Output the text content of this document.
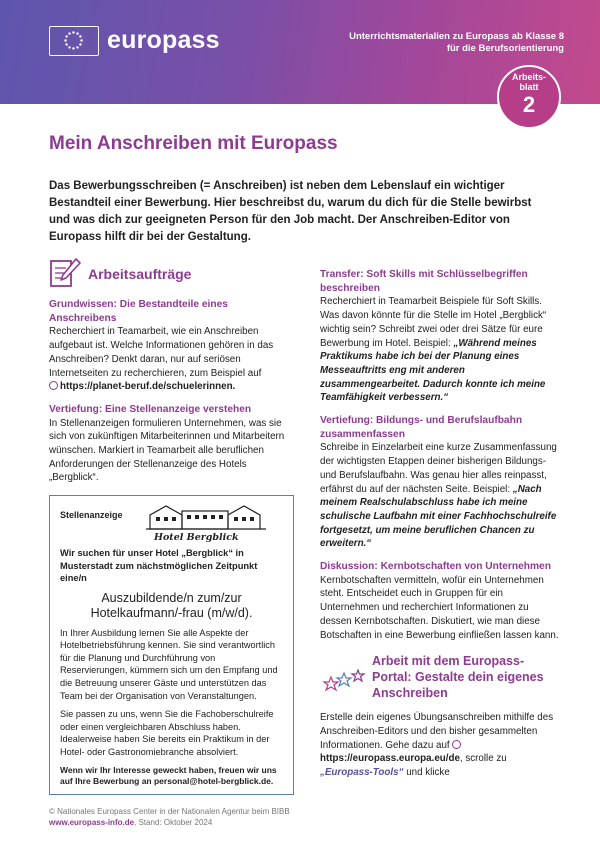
europass	Unterrichtsmaterialien zu Europass ab Klasse 8
für die Berufsorientierung
Arbeits-
blatt
2
Mein Anschreiben mit Europass

Das Bewerbungsschreiben (= Anschreiben) ist neben dem Lebenslauf ein wichtiger Bestandteil einer Bewerbung. Hier beschreibst du, warum du dich für die Stelle bewirbst und was dich zur geeigneten Person für den Job macht. Der Anschreiben-Editor von Europass hilft dir bei der Gestaltung.

Arbeitsaufträge
Grundwissen: Die Bestandteile eines Anschreibens
Recherchiert in Teamarbeit, wie ein Anschreiben aufgebaut ist. Welche Informationen gehören in das Anschreiben? Denkt daran, nur auf seriösen Internetseiten zu recherchieren, zum Beispiel auf
https://planet-beruf.de/schuelerinnen.
Vertiefung: Eine Stellenanzeige verstehen
In Stellenanzeigen formulieren Unternehmen, was sie sich von zukünftigen Mitarbeiterinnen und Mitarbeitern wünschen. Markiert in Teamarbeit alle beruflichen Anforderungen der Stellenanzeige des Hotels „Bergblick“.
Stellenanzeige
Hotel Bergblick

Wir suchen für unser Hotel „Bergblick“ in Musterstadt zum nächstmöglichen Zeitpunkt eine/n

Auszubildende/n zum/zur Hotelkaufmann/-frau (m/w/d).

In Ihrer Ausbildung lernen Sie alle Aspekte der Hotelbetriebsführung kennen. Sie sind verantwortlich für die Planung und Durchführung von Reservierungen, kümmern sich um den Empfang und die Betreuung unserer Gäste und unterstützen das Team bei der Organisation von Veranstaltungen.

Sie passen zu uns, wenn Sie die Fachoberschulreife oder einen vergleichbaren Abschluss haben. Idealerweise haben Sie bereits ein Praktikum in der Hotel- oder Gastronomiebranche absolviert.

Wenn wir Ihr Interesse geweckt haben, freuen wir uns auf Ihre Bewerbung an personal@hotel-bergblick.de.

Transfer: Soft Skills mit Schlüsselbegriffen beschreiben
Recherchiert in Teamarbeit Beispiele für Soft Skills. Was davon könnte für die Stelle im Hotel „Bergblick“ wichtig sein? Schreibt zwei oder drei Sätze für eure Bewerbung im Hotel. Beispiel: „Während meines Praktikums habe ich bei der Planung eines Messeauftritts eng mit anderen zusammengearbeitet. Dadurch konnte ich meine Teamfähigkeit verbessern.“
Vertiefung: Bildungs- und Berufslaufbahn zusammenfassen
Schreibe in Einzelarbeit eine kurze Zusammenfassung der wichtigsten Etappen deiner bisherigen Bildungs- und Berufslaufbahn. Was genau hier alles reinpasst, erfährst du auf der nächsten Seite. Beispiel: „Nach meinem Realschulabschluss habe ich meine schulische Laufbahn mit einer Fachhochschulreife fortgesetzt, um meine beruflichen Chancen zu erweitern.“
Diskussion: Kernbotschaften von Unternehmen
Kernbotschaften vermitteln, wofür ein Unternehmen steht. Entscheidet euch in Gruppen für ein Unternehmen und recherchiert Informationen zu dessen Kernbotschaften. Diskutiert, wie man diese Botschaften in eine Bewerbung einfließen lassen kann.
Arbeit mit dem Europass-Portal: Gestalte dein eigenes Anschreiben
Erstelle dein eigenes Übungsanschreiben mithilfe des Anschreiben-Editors und den bisher gesammelten Informationen. Gehe dazu auf https://europass.europa.eu/de, scrolle zu „Europass-Tools“ und klicke
© Nationales Europass Center in der Nationalen Agentur beim BIBB
www.europass-info.de, Stand: Oktober 2024
